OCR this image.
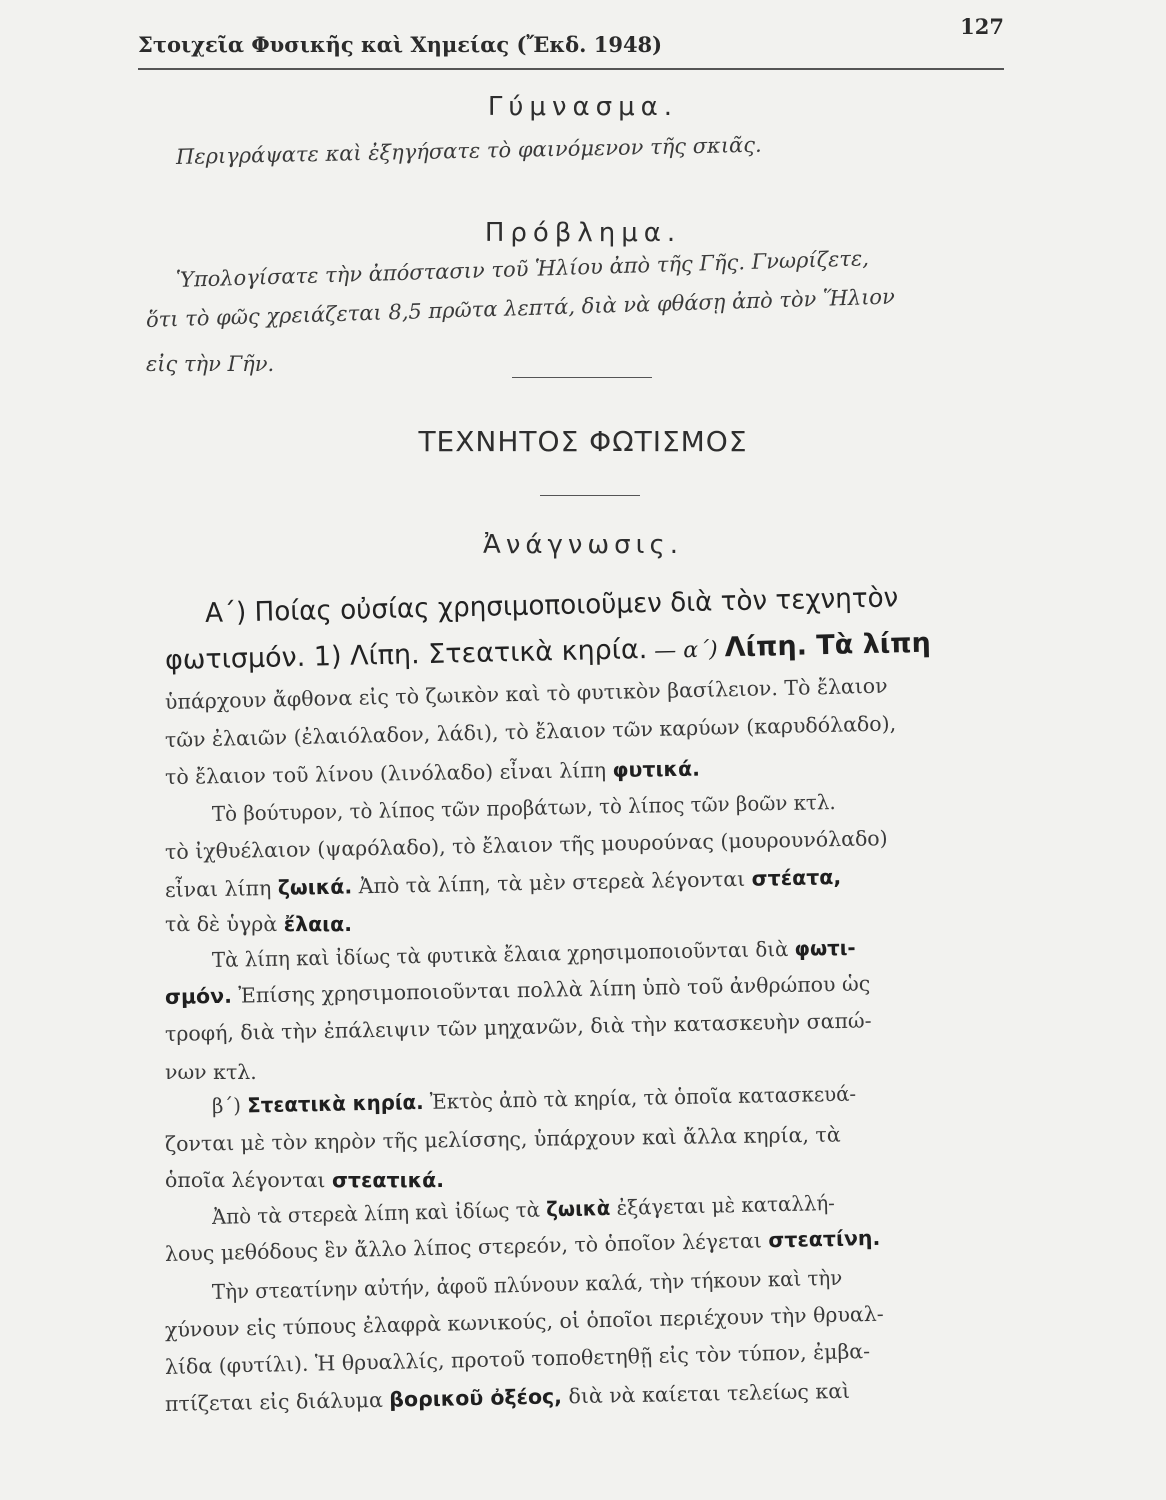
Στοιχεῖα Φυσικῆς καὶ Χημείας (Ἔκδ. 1948)
127
Γύμνασμα.
Περιγράψατε καὶ ἐξηγήσατε τὸ φαινόμενον τῆς σκιᾶς.
Πρόβλημα.
Ὑπολογίσατε τὴν ἀπόστασιν τοῦ Ἡλίου ἀπὸ τῆς Γῆς. Γνωρίζετε,
ὅτι τὸ φῶς χρειάζεται 8,5 πρῶτα λεπτά, διὰ νὰ φθάσῃ ἀπὸ τὸν Ἥλιον
εἰς τὴν Γῆν.
ΤΕΧΝΗΤΟΣ ΦΩΤΙΣΜΟΣ
Ἀνάγνωσις.
Α΄) Ποίας οὐσίας χρησιμοποιοῦμεν διὰ τὸν τεχνητὸν
φωτισμόν. 1) Λίπη. Στεατικὰ κηρία. — α΄) Λίπη. Τὰ λίπη
ὑπάρχουν ἄφθονα εἰς τὸ ζωικὸν καὶ τὸ φυτικὸν βασίλειον. Τὸ ἔλαιον
τῶν ἐλαιῶν (ἐλαιόλαδον, λάδι), τὸ ἔλαιον τῶν καρύων (καρυδόλαδο),
τὸ ἔλαιον τοῦ λίνου (λινόλαδο) εἶναι λίπη φυτικά.
Τὸ βούτυρον, τὸ λίπος τῶν προβάτων, τὸ λίπος τῶν βοῶν κτλ.
τὸ ἰχθυέλαιον (ψαρόλαδο), τὸ ἔλαιον τῆς μουρούνας (μουρουνόλαδο)
εἶναι λίπη ζωικά. Ἀπὸ τὰ λίπη, τὰ μὲν στερεὰ λέγονται στέατα,
τὰ δὲ ὑγρὰ ἔλαια.
Τὰ λίπη καὶ ἰδίως τὰ φυτικὰ ἔλαια χρησιμοποιοῦνται διὰ φωτι-
σμόν. Ἐπίσης χρησιμοποιοῦνται πολλὰ λίπη ὑπὸ τοῦ ἀνθρώπου ὡς
τροφή, διὰ τὴν ἐπάλειψιν τῶν μηχανῶν, διὰ τὴν κατασκευὴν σαπώ-
νων κτλ.
β΄) Στεατικὰ κηρία. Ἐκτὸς ἀπὸ τὰ κηρία, τὰ ὁποῖα κατασκευά-
ζονται μὲ τὸν κηρὸν τῆς μελίσσης, ὑπάρχουν καὶ ἄλλα κηρία, τὰ
ὁποῖα λέγονται στεατικά.
Ἀπὸ τὰ στερεὰ λίπη καὶ ἰδίως τὰ ζωικὰ ἐξάγεται μὲ καταλλή-
λους μεθόδους ἓν ἄλλο λίπος στερεόν, τὸ ὁποῖον λέγεται στεατίνη.
Τὴν στεατίνην αὐτήν, ἀφοῦ πλύνουν καλά, τὴν τήκουν καὶ τὴν
χύνουν εἰς τύπους ἐλαφρὰ κωνικούς, οἱ ὁποῖοι περιέχουν τὴν θρυαλ-
λίδα (φυτίλι). Ἡ θρυαλλίς, προτοῦ τοποθετηθῇ εἰς τὸν τύπον, ἐμβα-
πτίζεται εἰς διάλυμα βορικοῦ ὀξέος, διὰ νὰ καίεται τελείως καὶ
